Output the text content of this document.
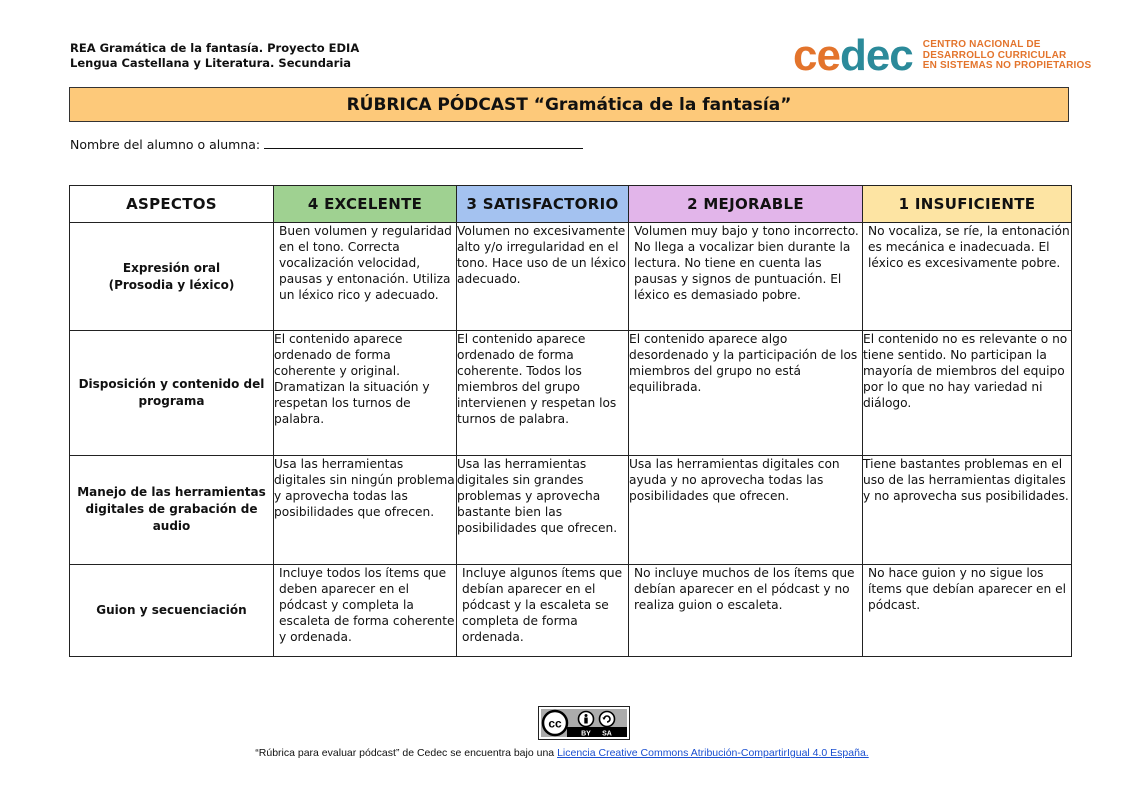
REA Gramática de la fantasía. Proyecto EDIA
Lengua Castellana y Literatura. Secundaria	cedec CENTRO NACIONAL DE
DESARROLLO CURRICULAR
EN SISTEMAS NO PROPIETARIOS
RÚBRICA PÓDCAST “Gramática de la fantasía”
Nombre del alumno o alumna:
ASPECTOS	4 EXCELENTE	3 SATISFACTORIO	2 MEJORABLE	1 INSUFICIENTE

Expresión oral
(Prosodia y léxico)	Buen volumen y regularidad en el tono. Correcta vocalización velocidad, pausas y entonación. Utiliza un léxico rico y adecuado.	Volumen no excesivamente alto y/o irregularidad en el tono. Hace uso de un léxico adecuado.	Volumen muy bajo y tono incorrecto. No llega a vocalizar bien durante la lectura. No tiene en cuenta las pausas y signos de puntuación. El léxico es demasiado pobre.	No vocaliza, se ríe, la entonación es mecánica e inadecuada. El léxico es excesivamente pobre.

Disposición y contenido del programa	El contenido aparece ordenado de forma coherente y original. Dramatizan la situación y respetan los turnos de palabra.	El contenido aparece ordenado de forma coherente. Todos los miembros del grupo intervienen y respetan los turnos de palabra.	El contenido aparece algo desordenado y la participación de los miembros del grupo no está equilibrada.	El contenido no es relevante o no tiene sentido. No participan la mayoría de miembros del equipo por lo que no hay variedad ni diálogo.

Manejo de las herramientas digitales de grabación de audio	Usa las herramientas digitales sin ningún problema y aprovecha todas las posibilidades que ofrecen.	Usa las herramientas digitales sin grandes problemas y aprovecha bastante bien las posibilidades que ofrecen.	Usa las herramientas digitales con ayuda y no aprovecha todas las posibilidades que ofrecen.	Tiene bastantes problemas en el uso de las herramientas digitales y no aprovecha sus posibilidades.

Guion y secuenciación	Incluye todos los ítems que deben aparecer en el pódcast y completa la escaleta de forma coherente y ordenada.	Incluye algunos ítems que debían aparecer en el pódcast y la escaleta se completa de forma ordenada.	No incluye muchos de los ítems que debían aparecer en el pódcast y no realiza guion o escaleta.	No hace guion y no sigue los ítems que debían aparecer en el pódcast.
cc
BY SA
“Rúbrica para evaluar pódcast” de Cedec se encuentra bajo una Licencia Creative Commons Atribución-CompartirIgual 4.0 España.
